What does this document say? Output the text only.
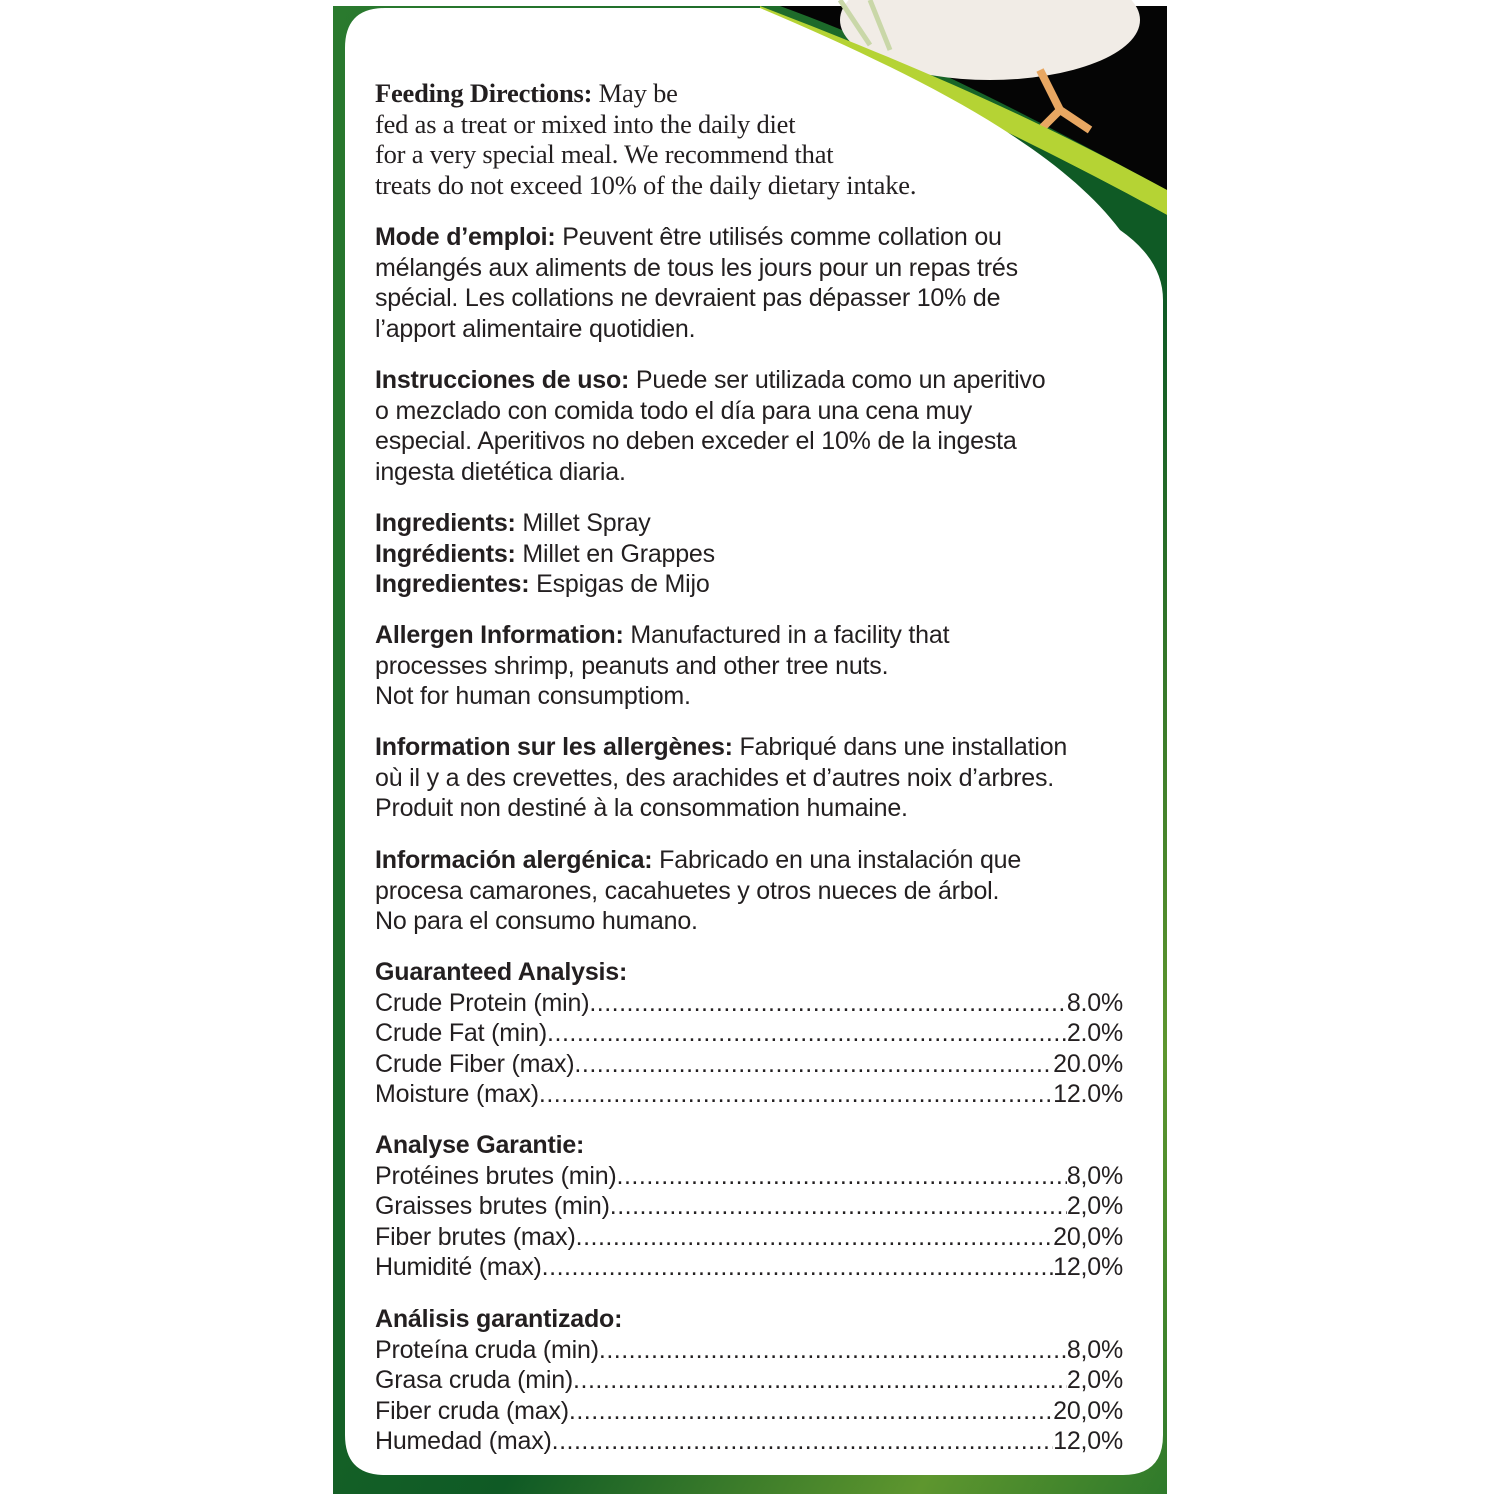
Feeding Directions: May be
fed as a treat or mixed into the daily diet
for a very special meal. We recommend that
treats do not exceed 10% of the daily dietary intake.
Mode d’emploi: Peuvent être utilisés comme collation ou
mélangés aux aliments de tous les jours pour un repas trés
spécial. Les collations ne devraient pas dépasser 10% de
l’apport alimentaire quotidien.
Instrucciones de uso: Puede ser utilizada como un aperitivo
o mezclado con comida todo el día para una cena muy
especial. Aperitivos no deben exceder el 10% de la ingesta
ingesta dietética diaria.
Ingredients: Millet Spray
Ingrédients: Millet en Grappes
Ingredientes: Espigas de Mijo
Allergen Information: Manufactured in a facility that
processes shrimp, peanuts and other tree nuts.
Not for human consumptiom.
Information sur les allergènes: Fabriqué dans une installation
où il y a des crevettes, des arachides et d’autres noix d’arbres.
Produit non destiné à la consommation humaine.
Información alergénica: Fabricado en una instalación que
procesa camarones, cacahuetes y otros nueces de árbol.
No para el consumo humano.
Guaranteed Analysis:
Crude Protein (min) .....	8.0%
Crude Fat (min) .....	2.0%
Crude Fiber (max) .....	20.0%
Moisture (max) .....	12.0%
Analyse Garantie:
Protéines brutes (min) .....	8,0%
Graisses brutes (min) .....	2,0%
Fiber brutes (max) .....	20,0%
Humidité (max) .....	12,0%
Análisis garantizado:
Proteína cruda (min) .....	8,0%
Grasa cruda (min) .....	2,0%
Fiber cruda (max) .....	20,0%
Humedad (max) .....	12,0%
